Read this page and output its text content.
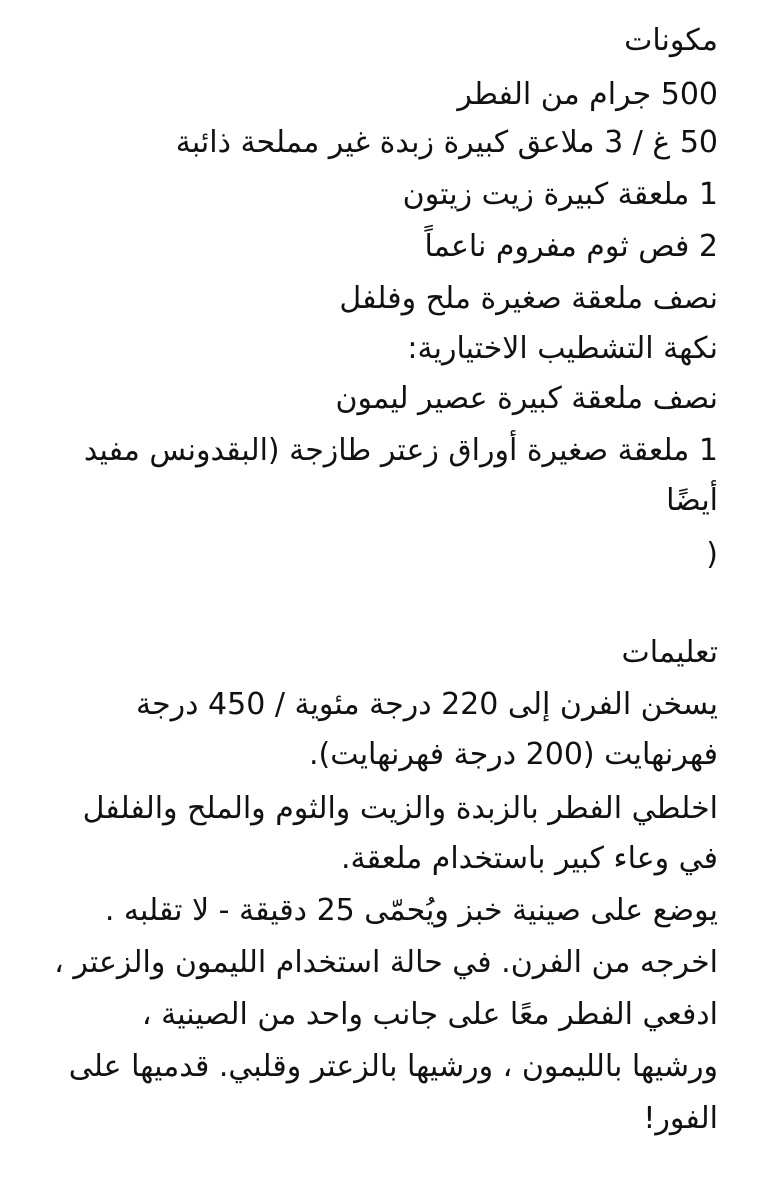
مكونات
500 جرام من الفطر
50 غ / 3 ملاعق كبيرة زبدة غير مملحة ذائبة
1 ملعقة كبيرة زيت زيتون
2 فص ثوم مفروم ناعماً
نصف ملعقة صغيرة ملح وفلفل
نكهة التشطيب الاختيارية:
نصف ملعقة كبيرة عصير ليمون
1 ملعقة صغيرة أوراق زعتر طازجة (البقدونس مفيد
أيضًا
)
تعليمات
يسخن الفرن إلى 220 درجة مئوية / 450 درجة
فهرنهايت (200 درجة فهرنهايت).
اخلطي الفطر بالزبدة والزيت والثوم والملح والفلفل
في وعاء كبير باستخدام ملعقة.
يوضع على صينية خبز ويُحمّى 25 دقيقة - لا تقلبه .
اخرجه من الفرن. في حالة استخدام الليمون والزعتر ،
ادفعي الفطر معًا على جانب واحد من الصينية ،
ورشيها بالليمون ، ورشيها بالزعتر وقلبي. قدميها على
الفور!
